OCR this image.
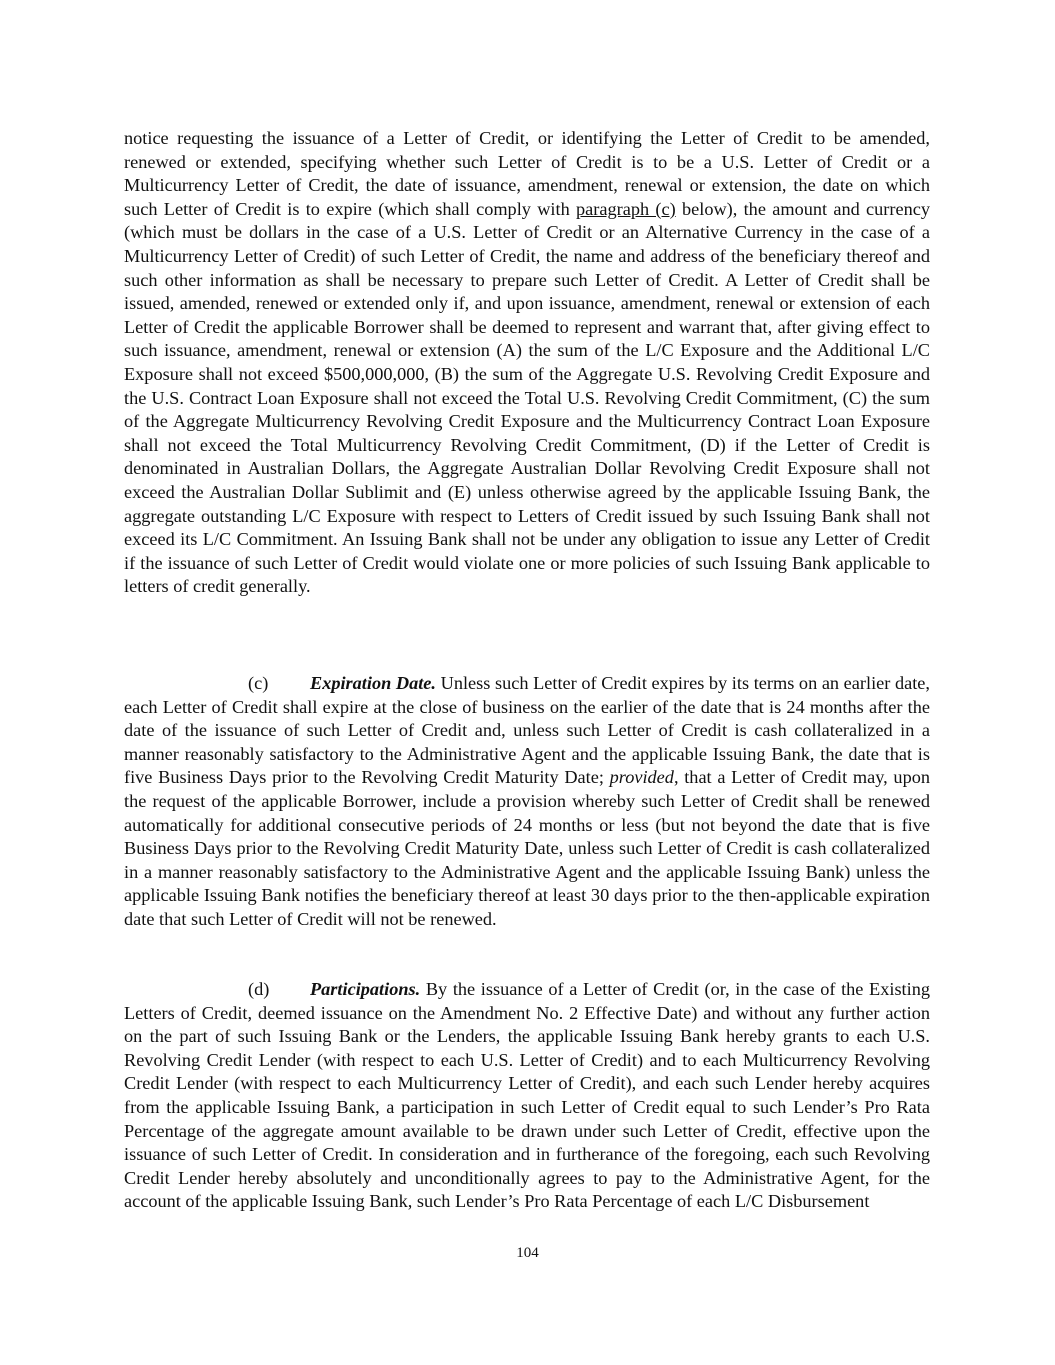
notice requesting the issuance of a Letter of Credit, or identifying the Letter of Credit to be amended, renewed or extended, specifying whether such Letter of Credit is to be a U.S. Letter of Credit or a Multicurrency Letter of Credit, the date of issuance, amendment, renewal or extension, the date on which such Letter of Credit is to expire (which shall comply with paragraph (c) below), the amount and currency (which must be dollars in the case of a U.S. Letter of Credit or an Alternative Currency in the case of a Multicurrency Letter of Credit) of such Letter of Credit, the name and address of the beneficiary thereof and such other information as shall be necessary to prepare such Letter of Credit. A Letter of Credit shall be issued, amended, renewed or extended only if, and upon issuance, amendment, renewal or extension of each Letter of Credit the applicable Borrower shall be deemed to represent and warrant that, after giving effect to such issuance, amendment, renewal or extension (A) the sum of the L/C Exposure and the Additional L/C Exposure shall not exceed $500,000,000, (B) the sum of the Aggregate U.S. Revolving Credit Exposure and the U.S. Contract Loan Exposure shall not exceed the Total U.S. Revolving Credit Commitment, (C) the sum of the Aggregate Multicurrency Revolving Credit Exposure and the Multicurrency Contract Loan Exposure shall not exceed the Total Multicurrency Revolving Credit Commitment, (D) if the Letter of Credit is denominated in Australian Dollars, the Aggregate Australian Dollar Revolving Credit Exposure shall not exceed the Australian Dollar Sublimit and (E) unless otherwise agreed by the applicable Issuing Bank, the aggregate outstanding L/C Exposure with respect to Letters of Credit issued by such Issuing Bank shall not exceed its L/C Commitment. An Issuing Bank shall not be under any obligation to issue any Letter of Credit if the issuance of such Letter of Credit would violate one or more policies of such Issuing Bank applicable to letters of credit generally.

(c) Expiration Date. Unless such Letter of Credit expires by its terms on an earlier date, each Letter of Credit shall expire at the close of business on the earlier of the date that is 24 months after the date of the issuance of such Letter of Credit and, unless such Letter of Credit is cash collateralized in a manner reasonably satisfactory to the Administrative Agent and the applicable Issuing Bank, the date that is five Business Days prior to the Revolving Credit Maturity Date; provided, that a Letter of Credit may, upon the request of the applicable Borrower, include a provision whereby such Letter of Credit shall be renewed automatically for additional consecutive periods of 24 months or less (but not beyond the date that is five Business Days prior to the Revolving Credit Maturity Date, unless such Letter of Credit is cash collateralized in a manner reasonably satisfactory to the Administrative Agent and the applicable Issuing Bank) unless the applicable Issuing Bank notifies the beneficiary thereof at least 30 days prior to the then-applicable expiration date that such Letter of Credit will not be renewed.

(d) Participations. By the issuance of a Letter of Credit (or, in the case of the Existing Letters of Credit, deemed issuance on the Amendment No. 2 Effective Date) and without any further action on the part of such Issuing Bank or the Lenders, the applicable Issuing Bank hereby grants to each U.S. Revolving Credit Lender (with respect to each U.S. Letter of Credit) and to each Multicurrency Revolving Credit Lender (with respect to each Multicurrency Letter of Credit), and each such Lender hereby acquires from the applicable Issuing Bank, a participation in such Letter of Credit equal to such Lender’s Pro Rata Percentage of the aggregate amount available to be drawn under such Letter of Credit, effective upon the issuance of such Letter of Credit. In consideration and in furtherance of the foregoing, each such Revolving Credit Lender hereby absolutely and unconditionally agrees to pay to the Administrative Agent, for the account of the applicable Issuing Bank, such Lender’s Pro Rata Percentage of each L/C Disbursement

104
